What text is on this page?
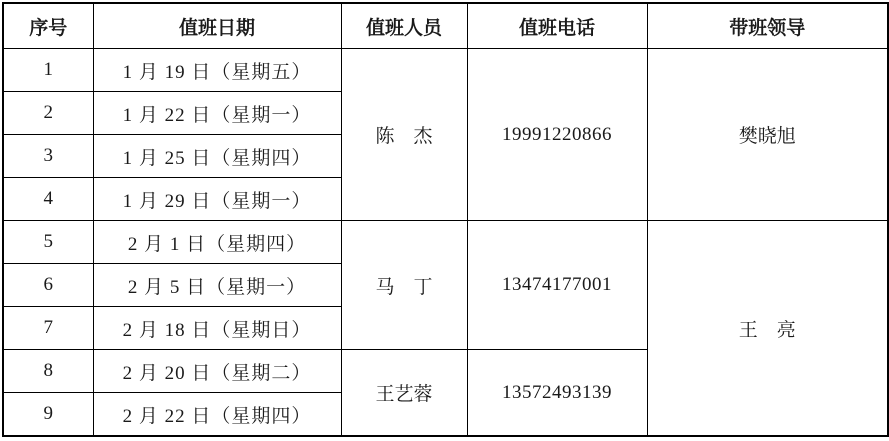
序号	值班日期	值班人员	值班电话	带班领导
1	1 月 19 日（星期五）	陈　杰	19991220866	樊晓旭
2	1 月 22 日（星期一）			
3	1 月 25 日（星期四）			
4	1 月 29 日（星期一）			
5	2 月 1 日（星期四）	马　丁	13474177001	王　亮
6	2 月 5 日（星期一）			
7	2 月 18 日（星期日）			
8	2 月 20 日（星期二）	王艺蓉	13572493139	
9	2 月 22 日（星期四）			
